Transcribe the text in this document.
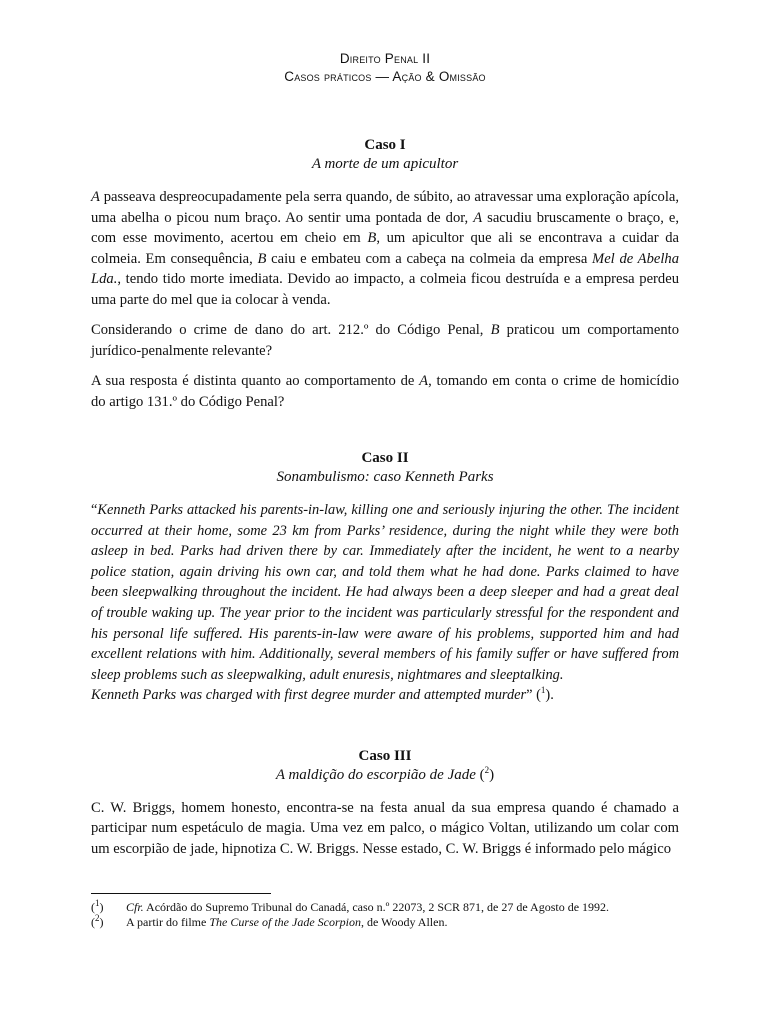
Direito Penal II
Casos práticos — Ação & Omissão
Caso I
A morte de um apicultor

A passeava despreocupadamente pela serra quando, de súbito, ao atravessar uma exploração apícola, uma abelha o picou num braço. Ao sentir uma pontada de dor, A sacudiu bruscamente o braço, e, com esse movimento, acertou em cheio em B, um apicultor que ali se encontrava a cuidar da colmeia. Em consequência, B caiu e embateu com a cabeça na colmeia da empresa Mel de Abelha Lda., tendo tido morte imediata. Devido ao impacto, a colmeia ficou destruída e a empresa perdeu uma parte do mel que ia colocar à venda.

Considerando o crime de dano do art. 212.º do Código Penal, B praticou um comportamento jurídico-penalmente relevante?

A sua resposta é distinta quanto ao comportamento de A, tomando em conta o crime de homicídio do artigo 131.º do Código Penal?

Caso II
Sonambulismo: caso Kenneth Parks

“Kenneth Parks attacked his parents-in-law, killing one and seriously injuring the other. The incident occurred at their home, some 23 km from Parks’ residence, during the night while they were both asleep in bed. Parks had driven there by car. Immediately after the incident, he went to a nearby police station, again driving his own car, and told them what he had done. Parks claimed to have been sleepwalking throughout the incident. He had always been a deep sleeper and had a great deal of trouble waking up. The year prior to the incident was particularly stressful for the respondent and his personal life suffered. His parents-in-law were aware of his problems, supported him and had excellent relations with him. Additionally, several members of his family suffer or have suffered from sleep problems such as sleepwalking, adult enuresis, nightmares and sleeptalking.
Kenneth Parks was charged with first degree murder and attempted murder” ($^1$).

Caso III
A maldição do escorpião de Jade ($^2$)

C. W. Briggs, homem honesto, encontra-se na festa anual da sua empresa quando é chamado a participar num espetáculo de magia. Uma vez em palco, o mágico Voltan, utilizando um colar com um escorpião de jade, hipnotiza C. W. Briggs. Nesse estado, C. W. Briggs é informado pelo mágico

($^1$)	Cfr. Acórdão do Supremo Tribunal do Canadá, caso n.º 22073, 2 SCR 871, de 27 de Agosto de 1992.
($^2$)	A partir do filme The Curse of the Jade Scorpion, de Woody Allen.
